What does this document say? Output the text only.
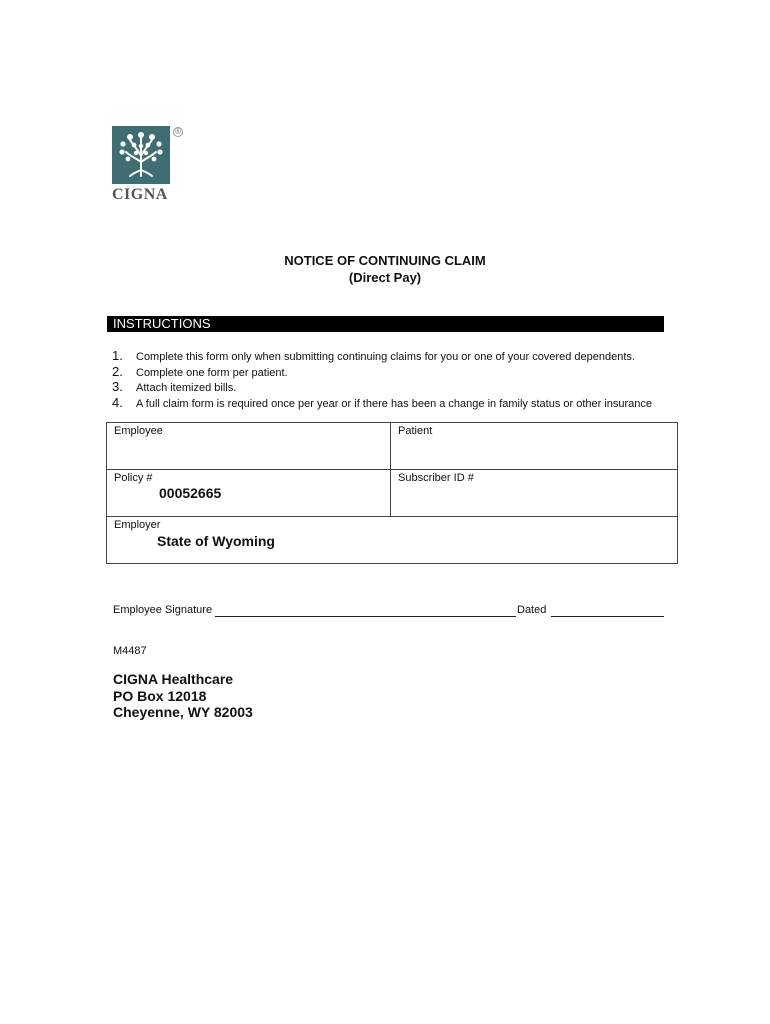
®
CIGNA
NOTICE OF CONTINUING CLAIM
(Direct Pay)
INSTRUCTIONS
1. Complete this form only when submitting continuing claims for you or one of your covered dependents.
2. Complete one form per patient.
3. Attach itemized bills.
4. A full claim form is required once per year or if there has been a change in family status or other insurance
Employee	Patient
Policy #
00052665
Subscriber ID #
Employer
State of Wyoming
Employee Signature	Dated
M4487
CIGNA Healthcare
PO Box 12018
Cheyenne, WY 82003
